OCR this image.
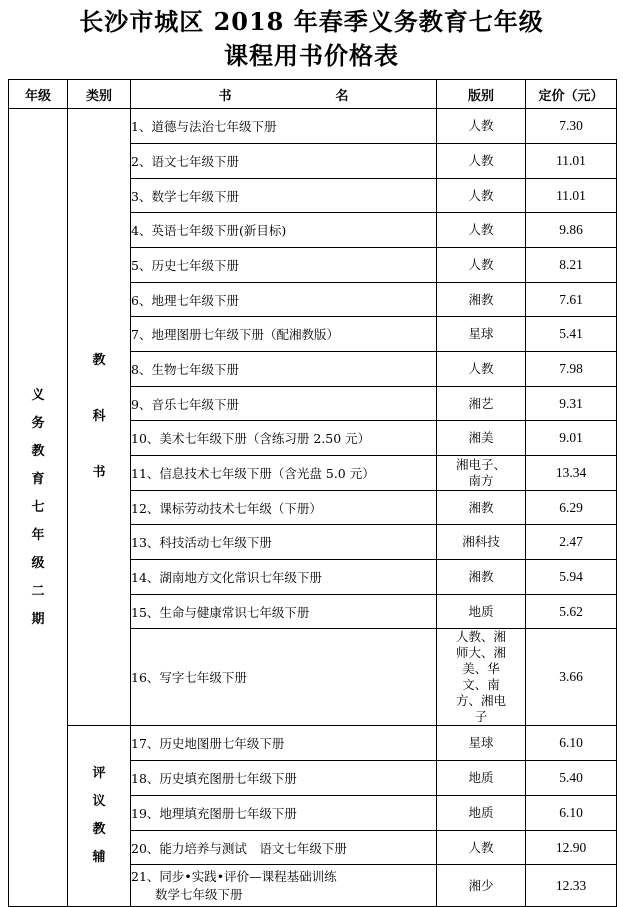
长沙市城区 2018 年春季义务教育七年级
课程用书价格表
年级	类别	书　　　　　　　　名	版别	定价（元）

义务教育七年级二期	教科书	1、道德与法治七年级下册	人教	7.30
		2、语文七年级下册	人教	11.01
		3、数学七年级下册	人教	11.01
		4、英语七年级下册(新目标)	人教	9.86
		5、历史七年级下册	人教	8.21
		6、地理七年级下册	湘教	7.61
		7、地理图册七年级下册（配湘教版）	星球	5.41
		8、生物七年级下册	人教	7.98
		9、音乐七年级下册	湘艺	9.31
		10、美术七年级下册（含练习册 2.50 元）	湘美	9.01
		11、信息技术七年级下册（含光盘 5.0 元）	湘电子、南方	13.34
		12、课标劳动技术七年级（下册）	湘教	6.29
		13、科技活动七年级下册	湘科技	2.47
		14、湖南地方文化常识七年级下册	湘教	5.94
		15、生命与健康常识七年级下册	地质	5.62
		16、写字七年级下册	人教、湘师大、湘美、华文、南方、湘电子	3.66

	评议教辅	17、历史地图册七年级下册	星球	6.10
		18、历史填充图册七年级下册	地质	5.40
		19、地理填充图册七年级下册	地质	6.10
		20、能力培养与测试　语文七年级下册	人教	12.90

		21、同步•实践•评价—课程基础训练
数学七年级下册	湘少	12.33
